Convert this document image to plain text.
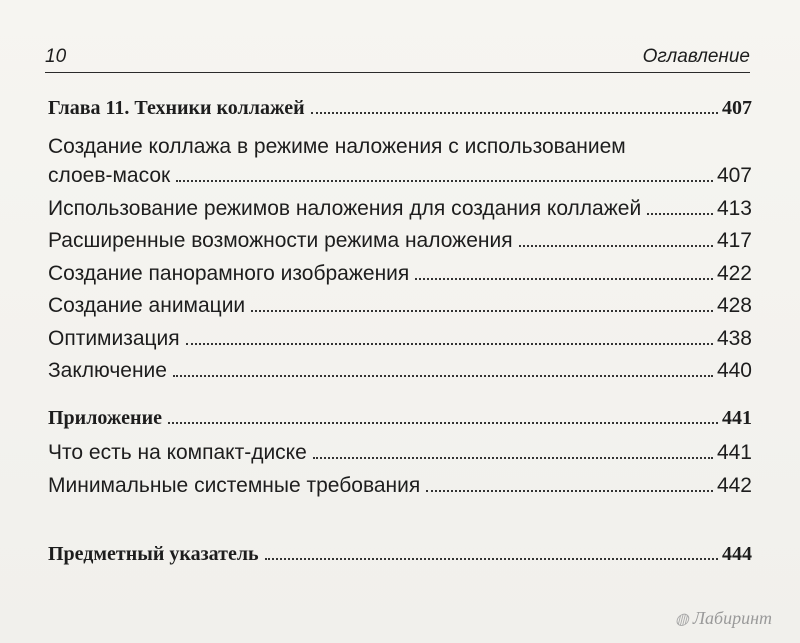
10	Оглавление
Глава 11. Техники коллажей	407
Создание коллажа в режиме наложения с использованием
слоев-масок	407
Использование режимов наложения для создания коллажей	413
Расширенные возможности режима наложения	417
Создание панорамного изображения	422
Создание анимации	428
Оптимизация	438
Заключение	440
Приложение	441
Что есть на компакт-диске	441
Минимальные системные требования	442
Предметный указатель	444
◍ Лабиринт
